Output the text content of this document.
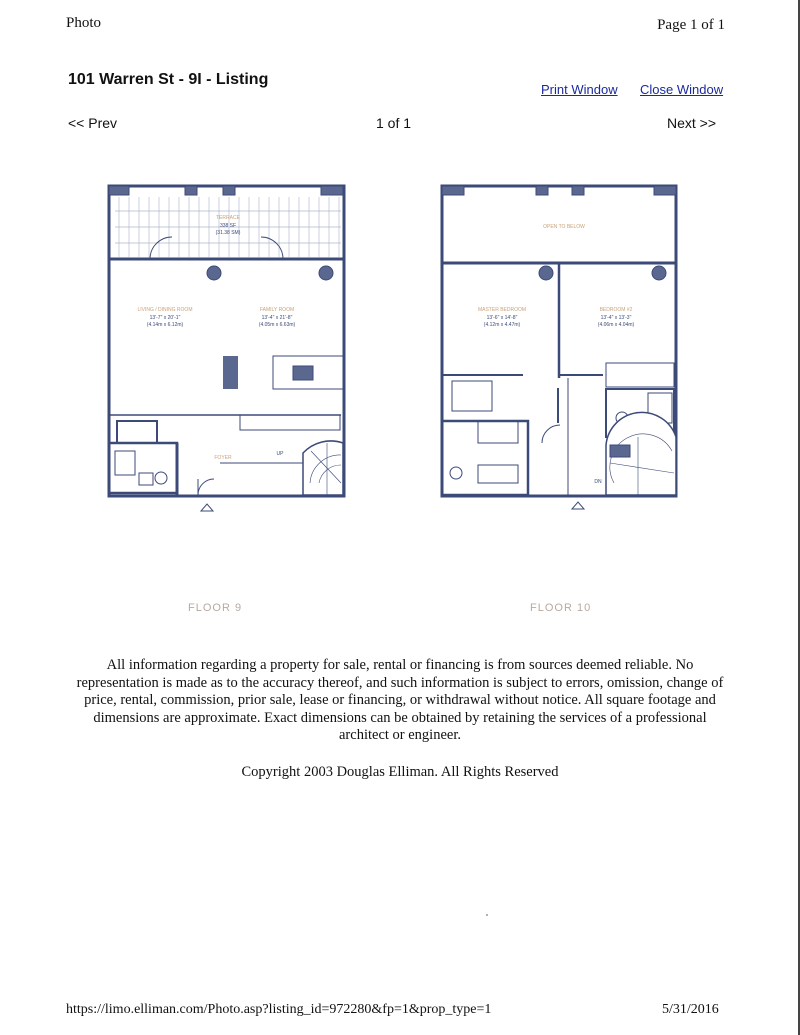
Photo	Page 1 of 1
101 Warren St - 9I - Listing
Print Window Close Window
<< Prev	1 of 1	Next >>
TERRACE
338 SF
(31.38 SM)
LIVING / DINING ROOM
13'-7" x 20'-1"
(4.14m x 6.12m)
FAMILY ROOM
13'-4" x 21'-8"
(4.05m x 6.63m)
FOYER
UP
OPEN TO BELOW
MASTER BEDROOM
13'-6" x 14'-8"
(4.12m x 4.47m)
BEDROOM #2
13'-4" x 13'-3"
(4.06m x 4.04m)
DN
FLOOR 9	FLOOR 10
All information regarding a property for sale, rental or financing is from sources deemed reliable. No representation is made as to the accuracy thereof, and such information is subject to errors, omission, change of price, rental, commission, prior sale, lease or financing, or withdrawal without notice. All square footage and dimensions are approximate. Exact dimensions can be obtained by retaining the services of a professional architect or engineer.
Copyright 2003 Douglas Elliman. All Rights Reserved
https://limo.elliman.com/Photo.asp?listing_id=972280&fp=1&prop_type=1	5/31/2016
